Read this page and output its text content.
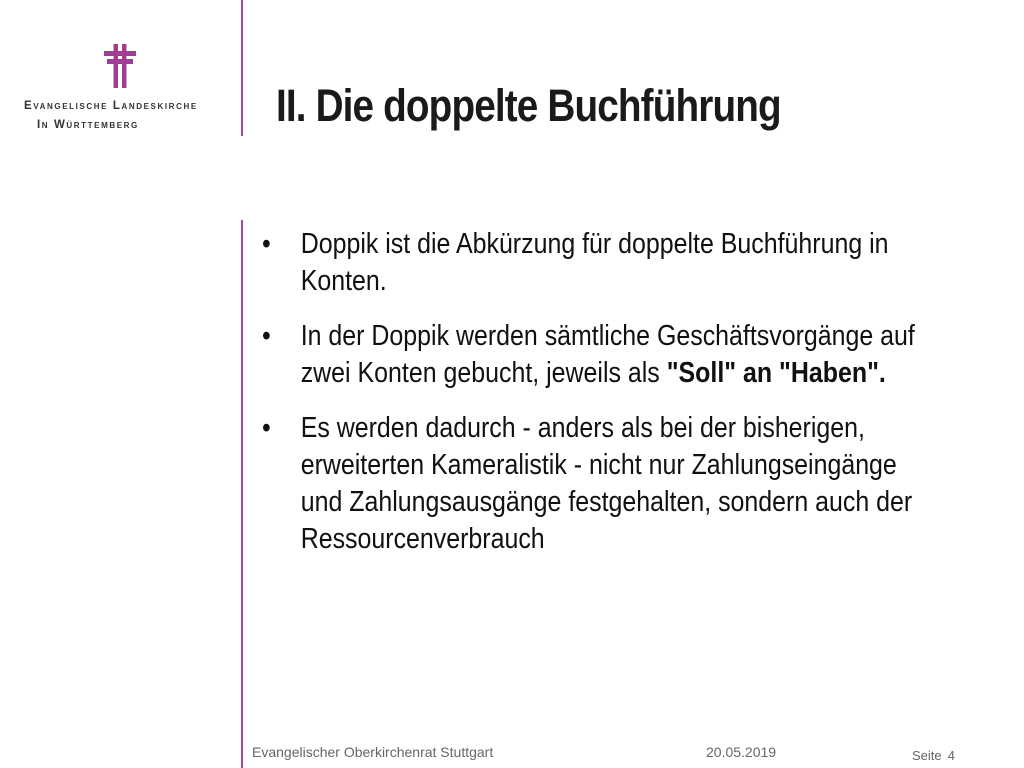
Evangelische Landeskirche
In Württemberg	II. Die doppelte Buchführung
• Doppik ist die Abkürzung für doppelte Buchführung in Konten.
• In der Doppik werden sämtliche Geschäftsvorgänge auf zwei Konten gebucht, jeweils als "Soll" an "Haben".
• Es werden dadurch - anders als bei der bisherigen, erweiterten Kameralistik - nicht nur Zahlungseingänge und Zahlungsausgänge festgehalten, sondern auch der Ressourcenverbrauch
Evangelischer Oberkirchenrat Stuttgart	20.05.2019	Seite 4
